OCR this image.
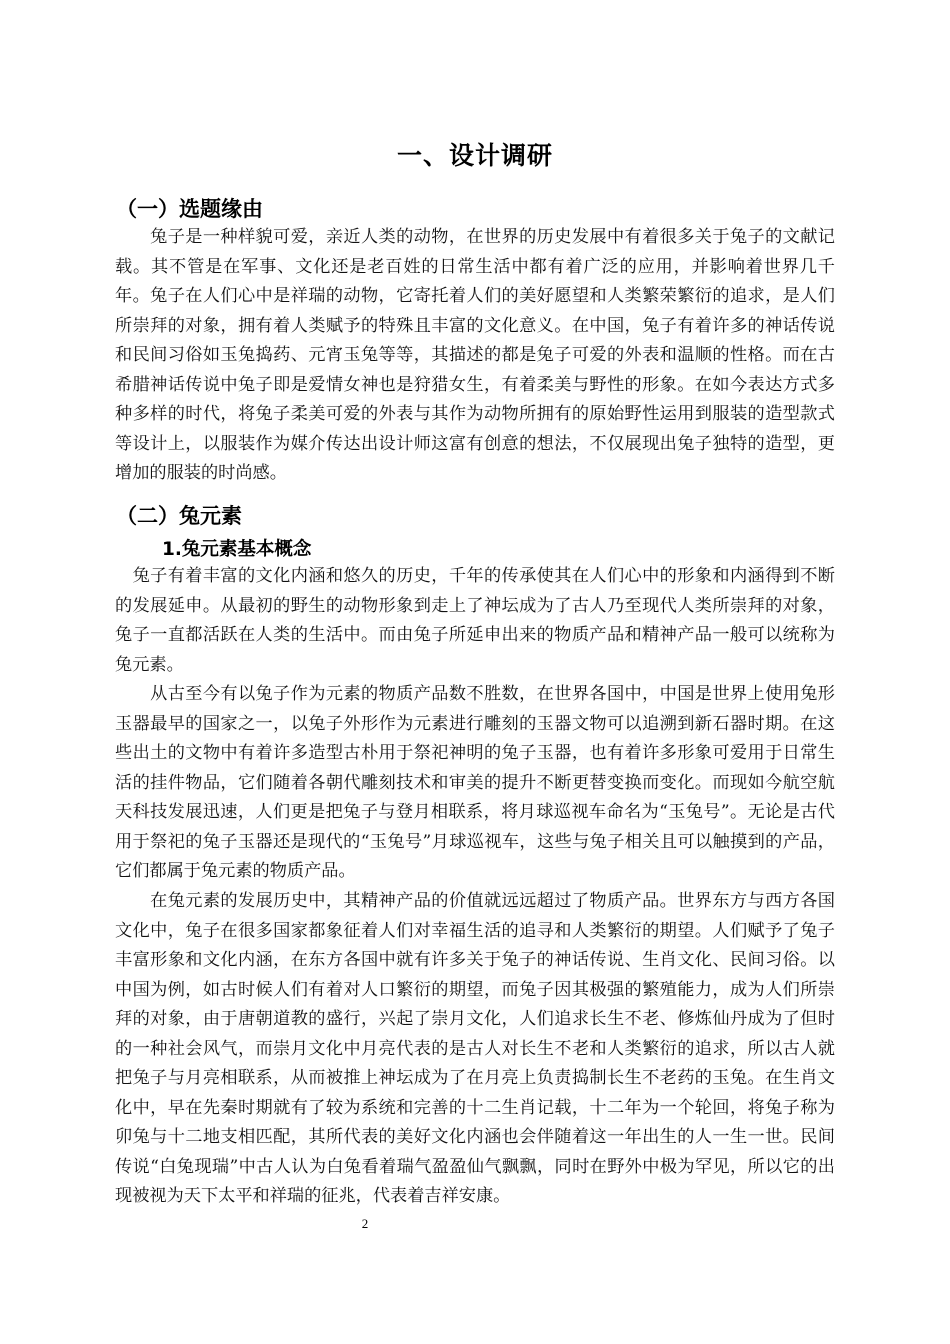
一、设计调研
（一）选题缘由

　　兔子是一种样貌可爱，亲近人类的动物，在世界的历史发展中有着很多关于兔子的文献记载。其不管是在军事、文化还是老百姓的日常生活中都有着广泛的应用，并影响着世界几千年。兔子在人们心中是祥瑞的动物，它寄托着人们的美好愿望和人类繁荣繁衍的追求，是人们所崇拜的对象，拥有着人类赋予的特殊且丰富的文化意义。在中国，兔子有着许多的神话传说和民间习俗如玉兔捣药、元宵玉兔等等，其描述的都是兔子可爱的外表和温顺的性格。而在古希腊神话传说中兔子即是爱情女神也是狩猎女生，有着柔美与野性的形象。在如今表达方式多种多样的时代，将兔子柔美可爱的外表与其作为动物所拥有的原始野性运用到服装的造型款式等设计上，以服装作为媒介传达出设计师这富有创意的想法，不仅展现出兔子独特的造型，更增加的服装的时尚感。

（二）兔元素
1.兔元素基本概念

　兔子有着丰富的文化内涵和悠久的历史，千年的传承使其在人们心中的形象和内涵得到不断的发展延申。从最初的野生的动物形象到走上了神坛成为了古人乃至现代人类所崇拜的对象，兔子一直都活跃在人类的生活中。而由兔子所延申出来的物质产品和精神产品一般可以统称为兔元素。

　　从古至今有以兔子作为元素的物质产品数不胜数，在世界各国中，中国是世界上使用兔形玉器最早的国家之一，以兔子外形作为元素进行雕刻的玉器文物可以追溯到新石器时期。在这些出土的文物中有着许多造型古朴用于祭祀神明的兔子玉器，也有着许多形象可爱用于日常生活的挂件物品，它们随着各朝代雕刻技术和审美的提升不断更替变换而变化。而现如今航空航天科技发展迅速，人们更是把兔子与登月相联系，将月球巡视车命名为“玉兔号”。无论是古代用于祭祀的兔子玉器还是现代的“玉兔号”月球巡视车，这些与兔子相关且可以触摸到的产品，它们都属于兔元素的物质产品。

　　在兔元素的发展历史中，其精神产品的价值就远远超过了物质产品。世界东方与西方各国文化中，兔子在很多国家都象征着人们对幸福生活的追寻和人类繁衍的期望。人们赋予了兔子丰富形象和文化内涵，在东方各国中就有许多关于兔子的神话传说、生肖文化、民间习俗。以中国为例，如古时候人们有着对人口繁衍的期望，而兔子因其极强的繁殖能力，成为人们所崇拜的对象，由于唐朝道教的盛行，兴起了崇月文化，人们追求长生不老、修炼仙丹成为了但时的一种社会风气，而崇月文化中月亮代表的是古人对长生不老和人类繁衍的追求，所以古人就把兔子与月亮相联系，从而被推上神坛成为了在月亮上负责捣制长生不老药的玉兔。在生肖文化中，早在先秦时期就有了较为系统和完善的十二生肖记载，十二年为一个轮回，将兔子称为卯兔与十二地支相匹配，其所代表的美好文化内涵也会伴随着这一年出生的人一生一世。民间传说“白兔现瑞”中古人认为白兔看着瑞气盈盈仙气飘飘，同时在野外中极为罕见，所以它的出现被视为天下太平和祥瑞的征兆，代表着吉祥安康。

2
